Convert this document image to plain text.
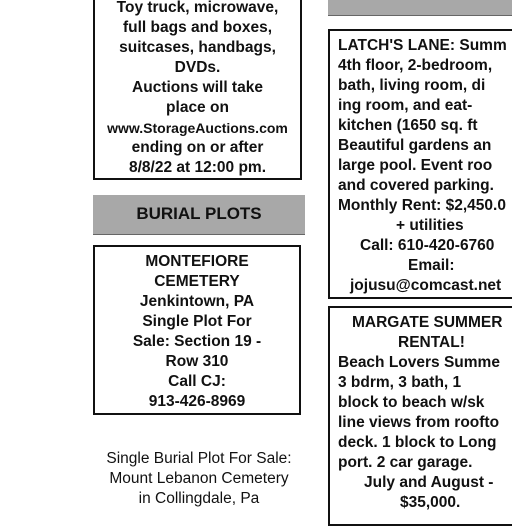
Toy truck, microwave,
full bags and boxes,
suitcases, handbags,
DVDs.
Auctions will take
place on
www.StorageAuctions.com
ending on or after
8/8/22 at 12:00 pm.
BURIAL PLOTS
MONTEFIORE
CEMETERY
Jenkintown, PA
Single Plot For
Sale: Section 19 -
Row 310
Call CJ:
913-426-8969
Single Burial Plot For Sale:
Mount Lebanon Cemetery
in Collingdale, Pa
LATCH'S LANE: Summ
4th floor, 2-bedroom,
bath, living room, di
ing room, and eat-
kitchen (1650 sq. ft
Beautiful gardens an
large pool. Event roo
and covered parking.
Monthly Rent: $2,450.0
+ utilities
Call: 610-420-6760
Email:
jojusu@comcast.net
MARGATE SUMMER
RENTAL!
Beach Lovers Summe
3 bdrm, 3 bath, 1
block to beach w/sk
line views from roofto
deck. 1 block to Long
port. 2 car garage.
July and August -
$35,000.
